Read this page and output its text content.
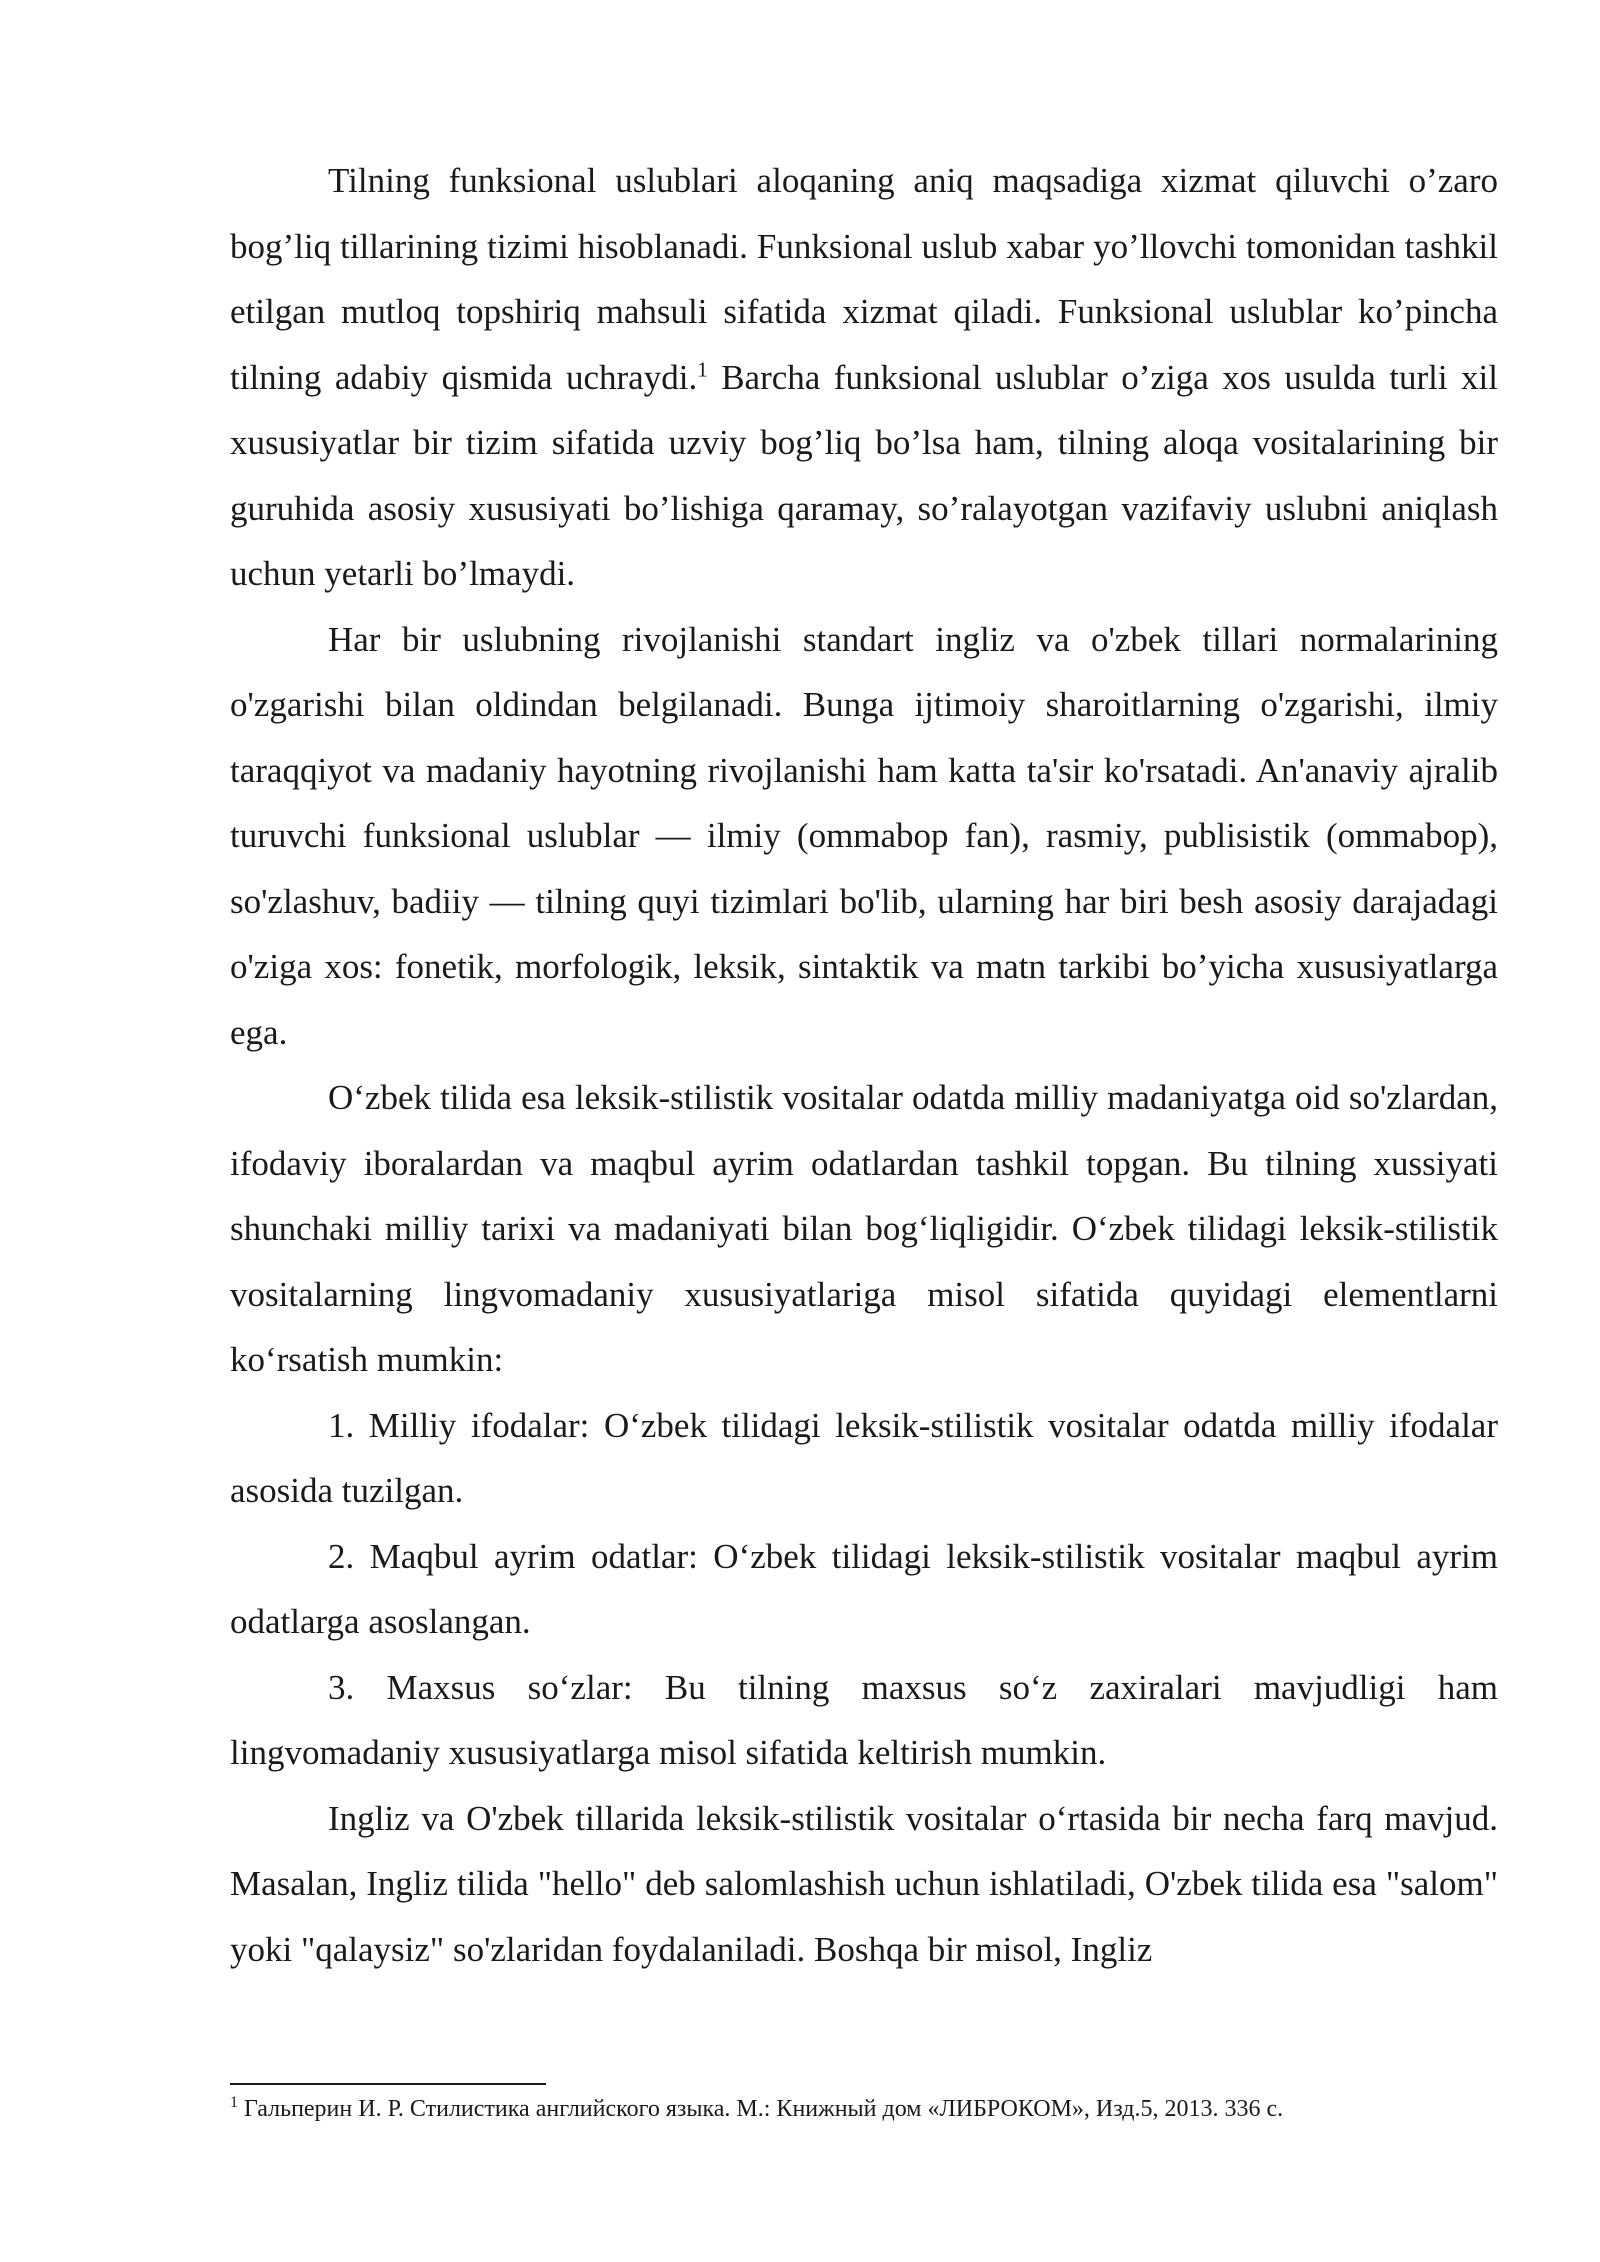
Tilning funksional uslublari aloqaning aniq maqsadiga xizmat qiluvchi o’zaro bog’liq tillarining tizimi hisoblanadi. Funksional uslub xabar yo’llovchi tomonidan tashkil etilgan mutloq topshiriq mahsuli sifatida xizmat qiladi. Funksional uslublar ko’pincha tilning adabiy qismida uchraydi.$^1$ Barcha funksional uslublar o’ziga xos usulda turli xil xususiyatlar bir tizim sifatida uzviy bog’liq bo’lsa ham, tilning aloqa vositalarining bir guruhida asosiy xususiyati bo’lishiga qaramay, so’ralayotgan vazifaviy uslubni aniqlash uchun yetarli bo’lmaydi.

Har bir uslubning rivojlanishi standart ingliz va o'zbek tillari normalarining o'zgarishi bilan oldindan belgilanadi. Bunga ijtimoiy sharoitlarning o'zgarishi, ilmiy taraqqiyot va madaniy hayotning rivojlanishi ham katta ta'sir ko'rsatadi. An'anaviy ajralib turuvchi funksional uslublar — ilmiy (ommabop fan), rasmiy, publisistik (ommabop), so'zlashuv, badiiy — tilning quyi tizimlari bo'lib, ularning har biri besh asosiy darajadagi o'ziga xos: fonetik, morfologik, leksik, sintaktik va matn tarkibi bo’yicha xususiyatlarga ega.

O‘zbek tilida esa leksik-stilistik vositalar odatda milliy madaniyatga oid so'zlardan, ifodaviy iboralardan va maqbul ayrim odatlardan tashkil topgan. Bu tilning xussiyati shunchaki milliy tarixi va madaniyati bilan bog‘liqligidir. O‘zbek tilidagi leksik-stilistik vositalarning lingvomadaniy xususiyatlariga misol sifatida quyidagi elementlarni ko‘rsatish mumkin:

1. Milliy ifodalar: O‘zbek tilidagi leksik-stilistik vositalar odatda milliy ifodalar asosida tuzilgan.

2. Maqbul ayrim odatlar: O‘zbek tilidagi leksik-stilistik vositalar maqbul ayrim odatlarga asoslangan.

3. Maxsus so‘zlar: Bu tilning maxsus so‘z zaxiralari mavjudligi ham lingvomadaniy xususiyatlarga misol sifatida keltirish mumkin.

Ingliz va O'zbek tillarida leksik-stilistik vositalar o‘rtasida bir necha farq mavjud. Masalan, Ingliz tilida "hello" deb salomlashish uchun ishlatiladi, O'zbek tilida esa "salom" yoki "qalaysiz" so'zlaridan foydalaniladi. Boshqa bir misol, Ingliz

$^1$ Гальперин И. Р. Стилистика английского языка. М.: Книжный дом «ЛИБРОКОМ», Изд.5, 2013. 336 с.
